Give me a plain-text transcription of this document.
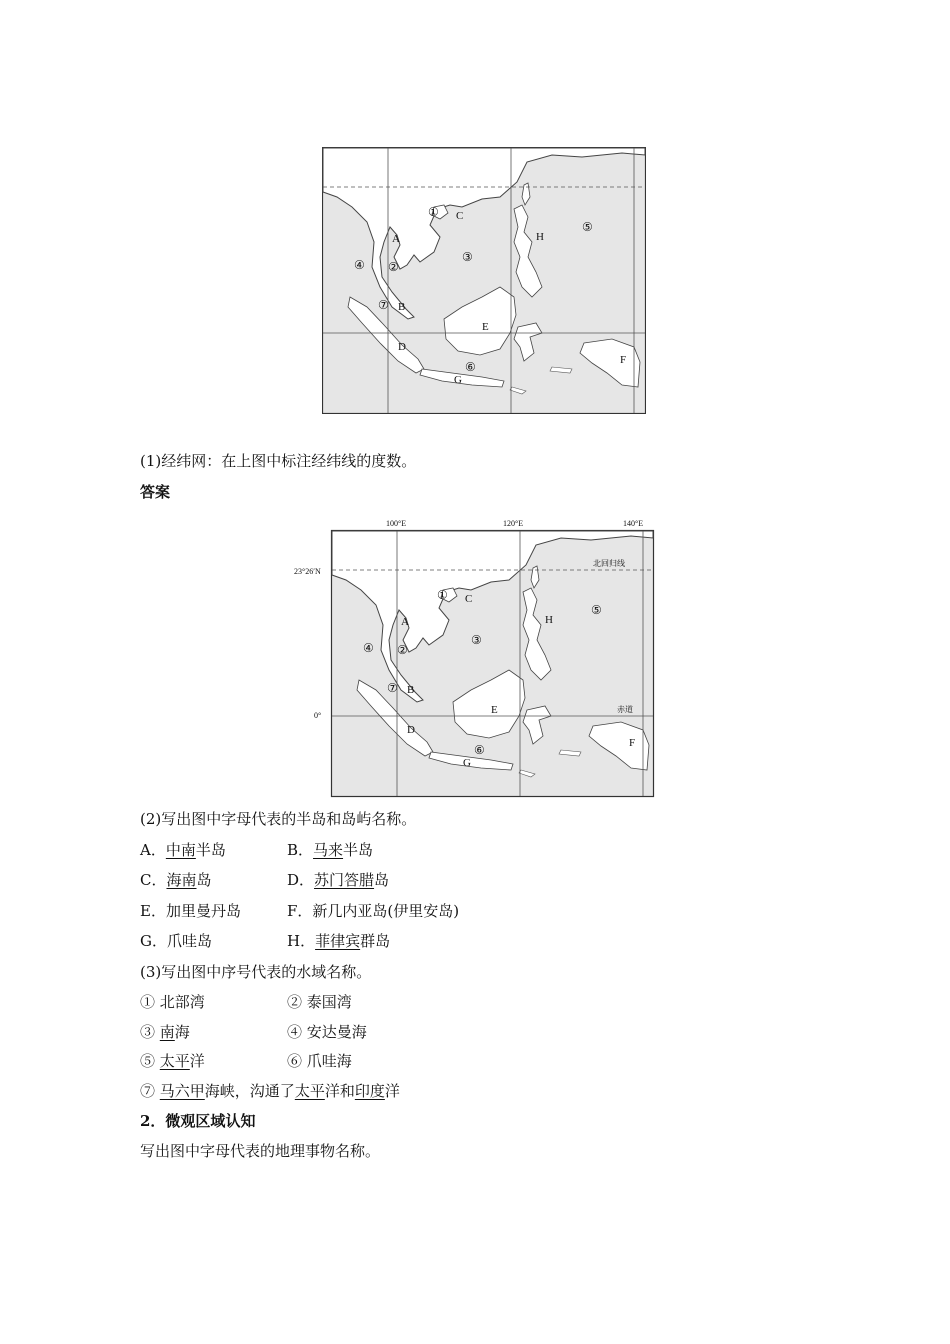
A
B
C
D
E
F
G
H
①
②
③
④
⑤
⑥
⑦
(1)经纬网：在上图中标注经纬线的度数。
答案
100°E	120°E	140°E
23°26′N
0°
北回归线
赤道
A
B
C
D
E
F
G
H
①
②
③
④
⑤
⑥
⑦
(2)写出图中字母代表的半岛和岛屿名称。
A．中南半岛	B．马来半岛
C．海南岛	D．苏门答腊岛
E．加里曼丹岛	F．新几内亚岛(伊里安岛)
G．爪哇岛	H．菲律宾群岛
(3)写出图中序号代表的水域名称。
① 北部湾	② 泰国湾
③ 南海	④ 安达曼海
⑤ 太平洋	⑥ 爪哇海
⑦ 马六甲海峡，沟通了太平洋和印度洋
2．微观区域认知
写出图中字母代表的地理事物名称。
